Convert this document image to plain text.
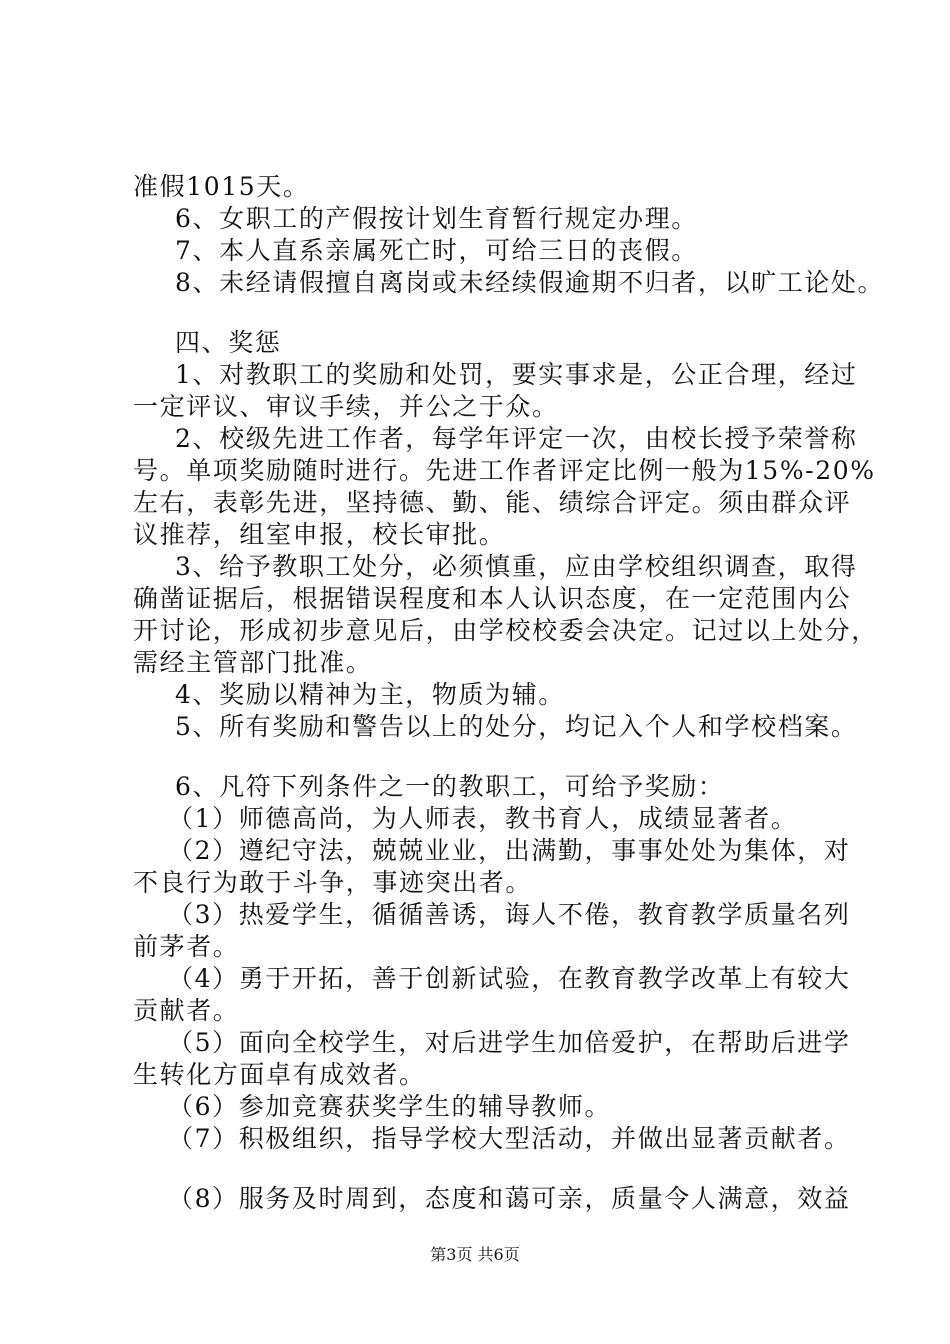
准假1015天。
6、女职工的产假按计划生育暂行规定办理。
7、本人直系亲属死亡时，可给三日的丧假。
8、未经请假擅自离岗或未经续假逾期不归者，以旷工论处。
四、奖惩
1、对教职工的奖励和处罚，要实事求是，公正合理，经过
一定评议、审议手续，并公之于众。
2、校级先进工作者，每学年评定一次，由校长授予荣誉称
号。单项奖励随时进行。先进工作者评定比例一般为15%-20%
左右，表彰先进，坚持德、勤、能、绩综合评定。须由群众评
议推荐，组室申报，校长审批。
3、给予教职工处分，必须慎重，应由学校组织调查，取得
确凿证据后，根据错误程度和本人认识态度，在一定范围内公
开讨论，形成初步意见后，由学校校委会决定。记过以上处分，
需经主管部门批准。
4、奖励以精神为主，物质为辅。
5、所有奖励和警告以上的处分，均记入个人和学校档案。
6、凡符下列条件之一的教职工，可给予奖励：
（1）师德高尚，为人师表，教书育人，成绩显著者。
（2）遵纪守法，兢兢业业，出满勤，事事处处为集体，对
不良行为敢于斗争，事迹突出者。
（3）热爱学生，循循善诱，诲人不倦，教育教学质量名列
前茅者。
（4）勇于开拓，善于创新试验，在教育教学改革上有较大
贡献者。
（5）面向全校学生，对后进学生加倍爱护，在帮助后进学
生转化方面卓有成效者。
（6）参加竞赛获奖学生的辅导教师。
（7）积极组织，指导学校大型活动，并做出显著贡献者。
（8）服务及时周到，态度和蔼可亲，质量令人满意，效益
第3页 共6页
